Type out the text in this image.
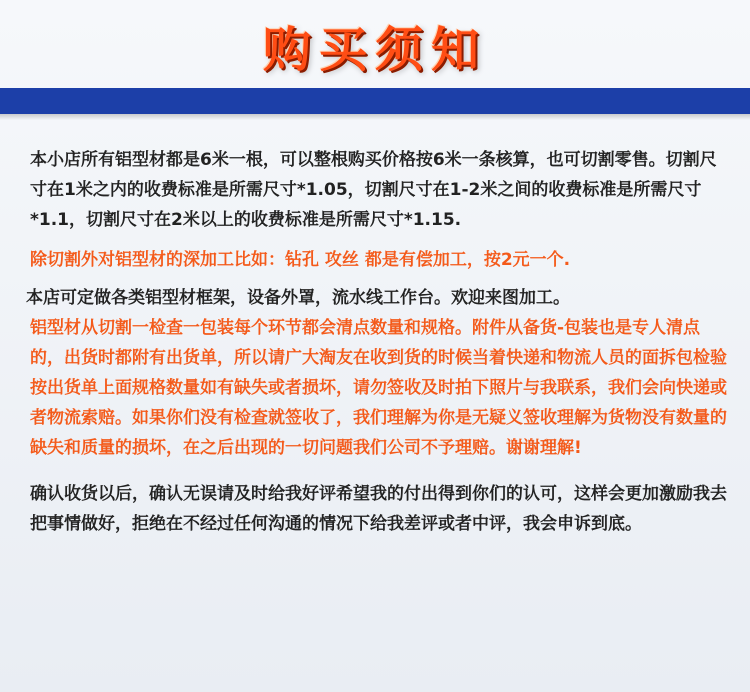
购买须知

本小店所有铝型材都是6米一根，可以整根购买价格按6米一条核算，也可切割零售。切割尺寸在1米之内的收费标准是所需尺寸*1.05，切割尺寸在1-2米之间的收费标准是所需尺寸*1.1，切割尺寸在2米以上的收费标准是所需尺寸*1.15.

除切割外对铝型材的深加工比如：钻孔 攻丝 都是有偿加工，按2元一个.

本店可定做各类铝型材框架，设备外罩，流水线工作台。欢迎来图加工。

铝型材从切割一检查一包装每个环节都会清点数量和规格。附件从备货-包装也是专人清点的，出货时都附有出货单，所以请广大淘友在收到货的时候当着快递和物流人员的面拆包检验按出货单上面规格数量如有缺失或者损坏，请勿签收及时拍下照片与我联系，我们会向快递或者物流索赔。如果你们没有检查就签收了，我们理解为你是无疑义签收理解为货物没有数量的缺失和质量的损坏，在之后出现的一切问题我们公司不予理赔。谢谢理解!

确认收货以后，确认无误请及时给我好评希望我的付出得到你们的认可，这样会更加激励我去把事情做好，拒绝在不经过任何沟通的情况下给我差评或者中评，我会申诉到底。
